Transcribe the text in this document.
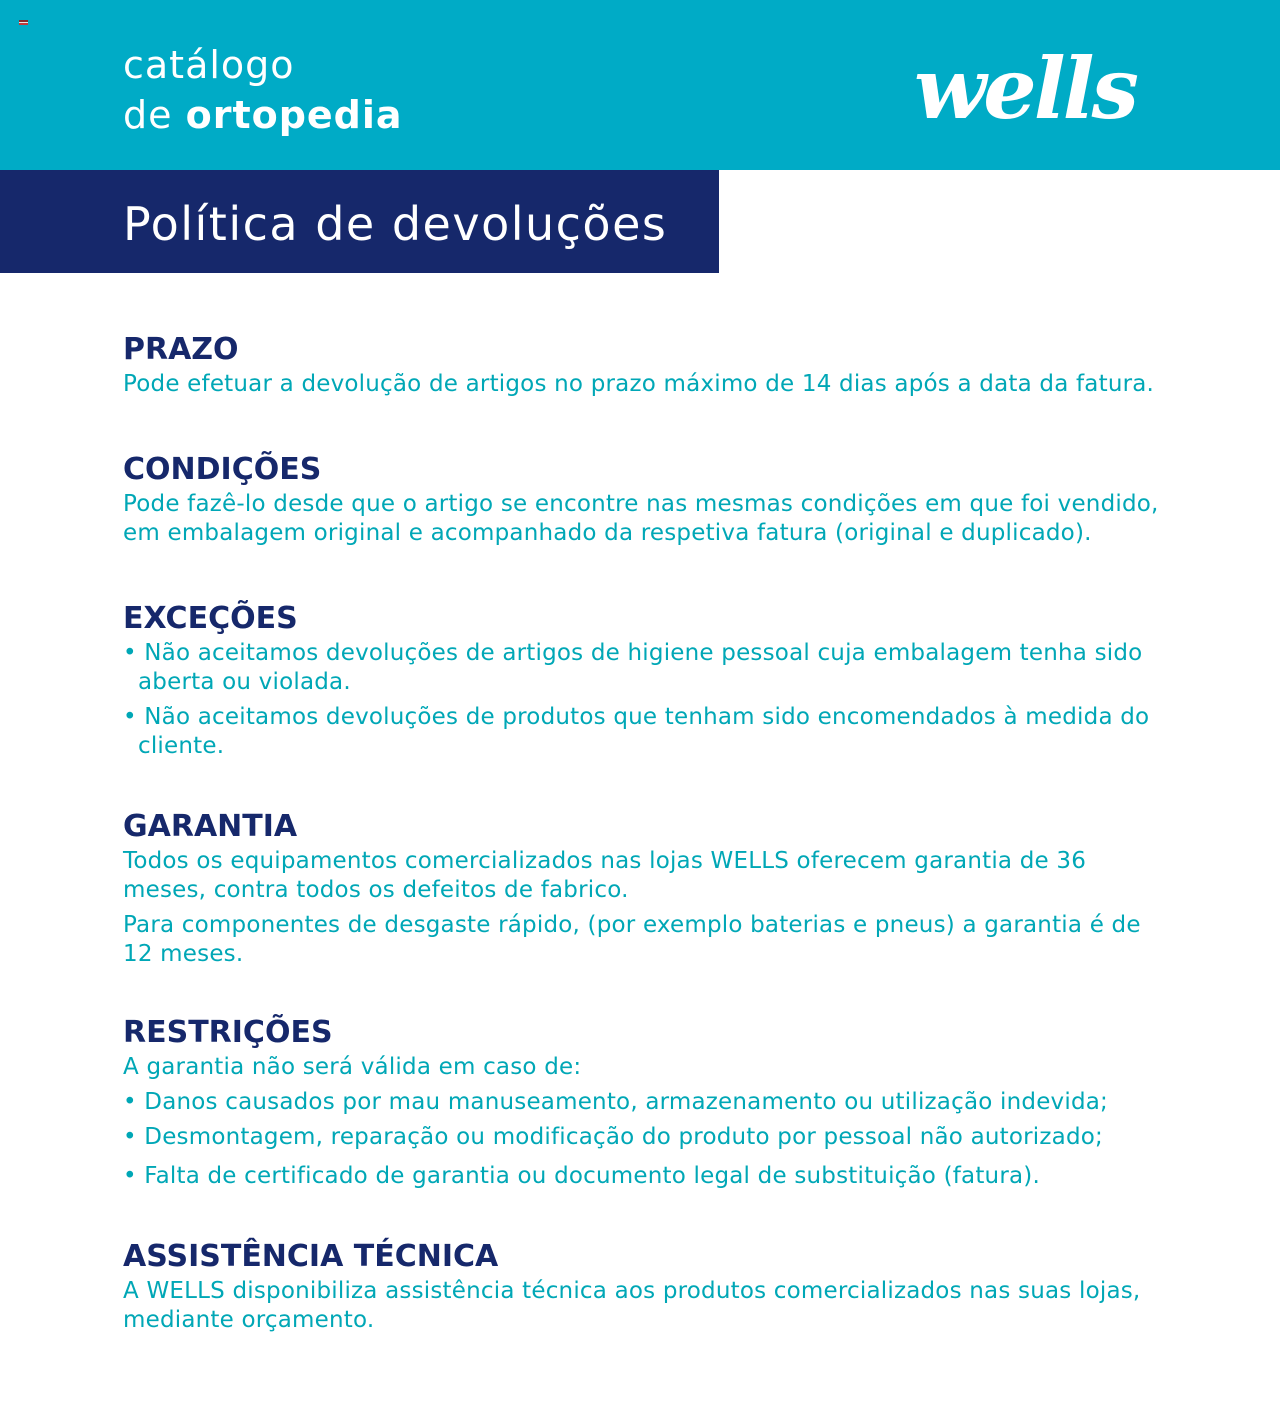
catálogo
de ortopedia	wells
Política de devoluções
PRAZO

Pode efetuar a devolução de artigos no prazo máximo de 14 dias após a data da fatura.

CONDIÇÕES

Pode fazê-lo desde que o artigo se encontre nas mesmas condições em que foi vendido, em embalagem original e acompanhado da respetiva fatura (original e duplicado).

EXCEÇÕES
• Não aceitamos devoluções de artigos de higiene pessoal cuja embalagem tenha sido aberta ou violada.
• Não aceitamos devoluções de produtos que tenham sido encomendados à medida do cliente.
GARANTIA

Todos os equipamentos comercializados nas lojas WELLS oferecem garantia de 36 meses, contra todos os defeitos de fabrico.

Para componentes de desgaste rápido, (por exemplo baterias e pneus) a garantia é de 12 meses.

RESTRIÇÕES

A garantia não será válida em caso de:

• Danos causados por mau manuseamento, armazenamento ou utilização indevida;
• Desmontagem, reparação ou modificação do produto por pessoal não autorizado;
• Falta de certificado de garantia ou documento legal de substituição (fatura).
ASSISTÊNCIA TÉCNICA

A WELLS disponibiliza assistência técnica aos produtos comercializados nas suas lojas, mediante orçamento.
